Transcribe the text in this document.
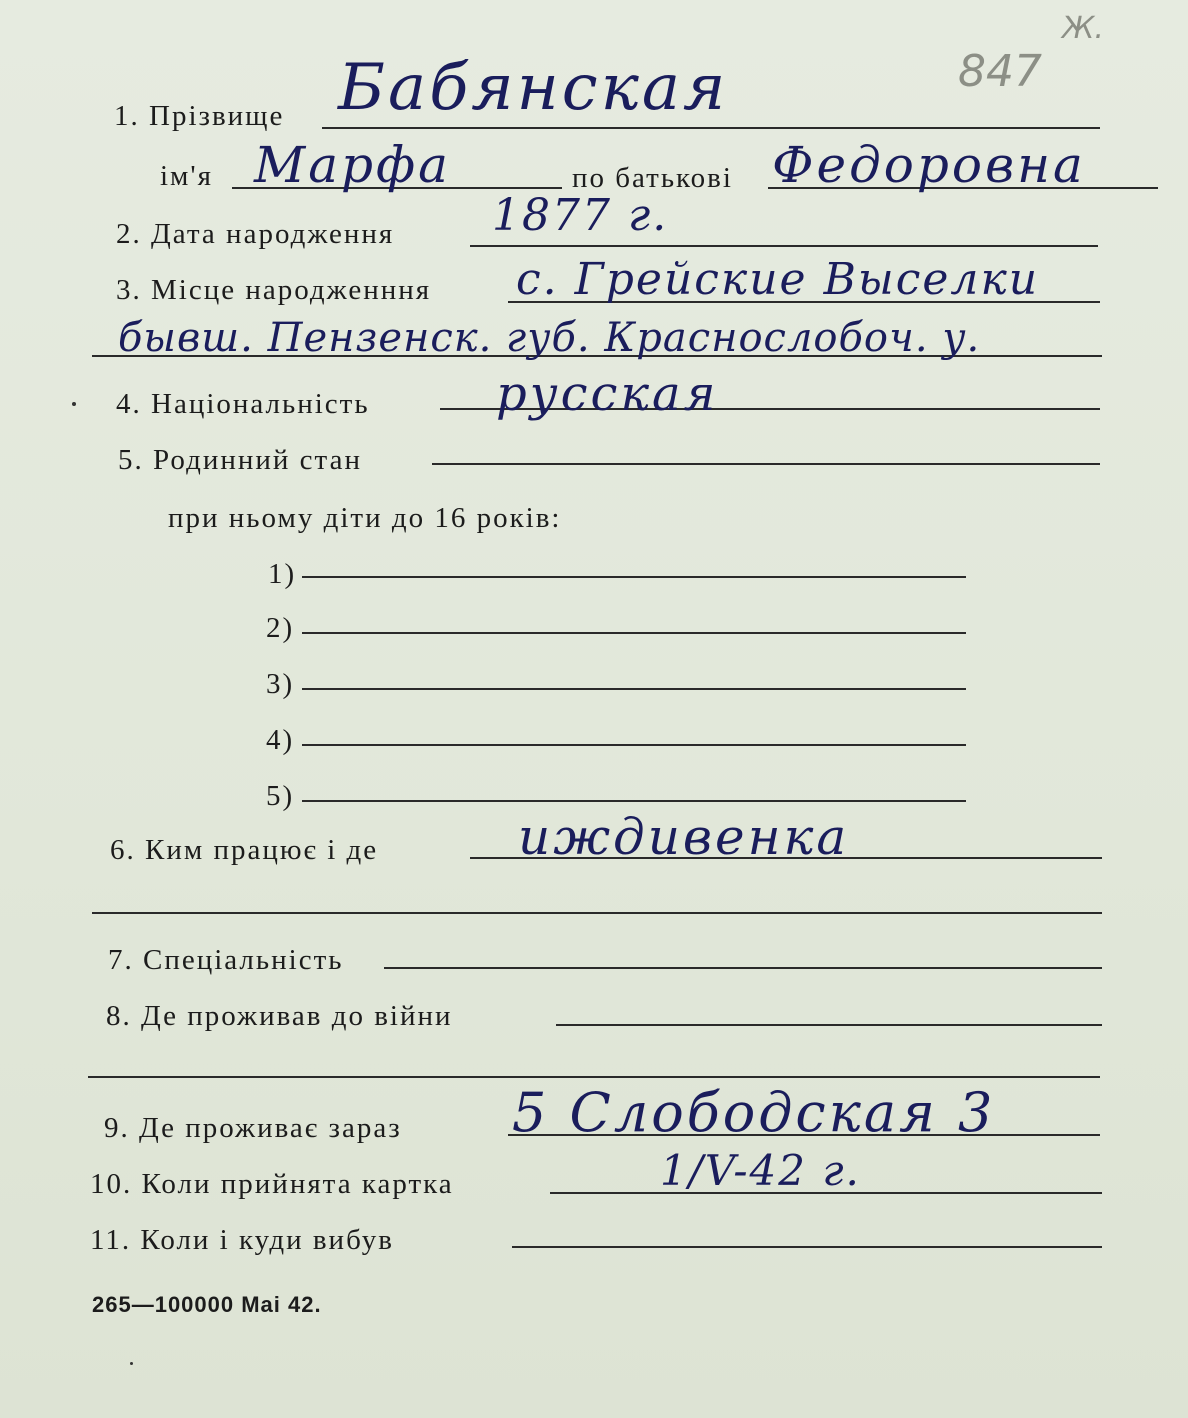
847
Ж.
1. Прізвище Бабянская
ім'я Марфа	по батькові Федоровна
2. Дата народження 1877 г.
3. Місце народженння с. Грейские Выселки
бывш. Пензенск. губ. Краснослобоч. у.
4. Національність	русская
5. Родинний стан
при ньому діти до 16 років:
1)
2)
3)
4)
5)
6. Ким працює і де	иждивенка
7. Спеціальність
8. Де проживав до війни
9. Де проживає зараз 5 Слободская 3
10. Коли прийнята картка	1/V-42 г.
11. Коли і куди вибув
265—100000 Mai 42.
